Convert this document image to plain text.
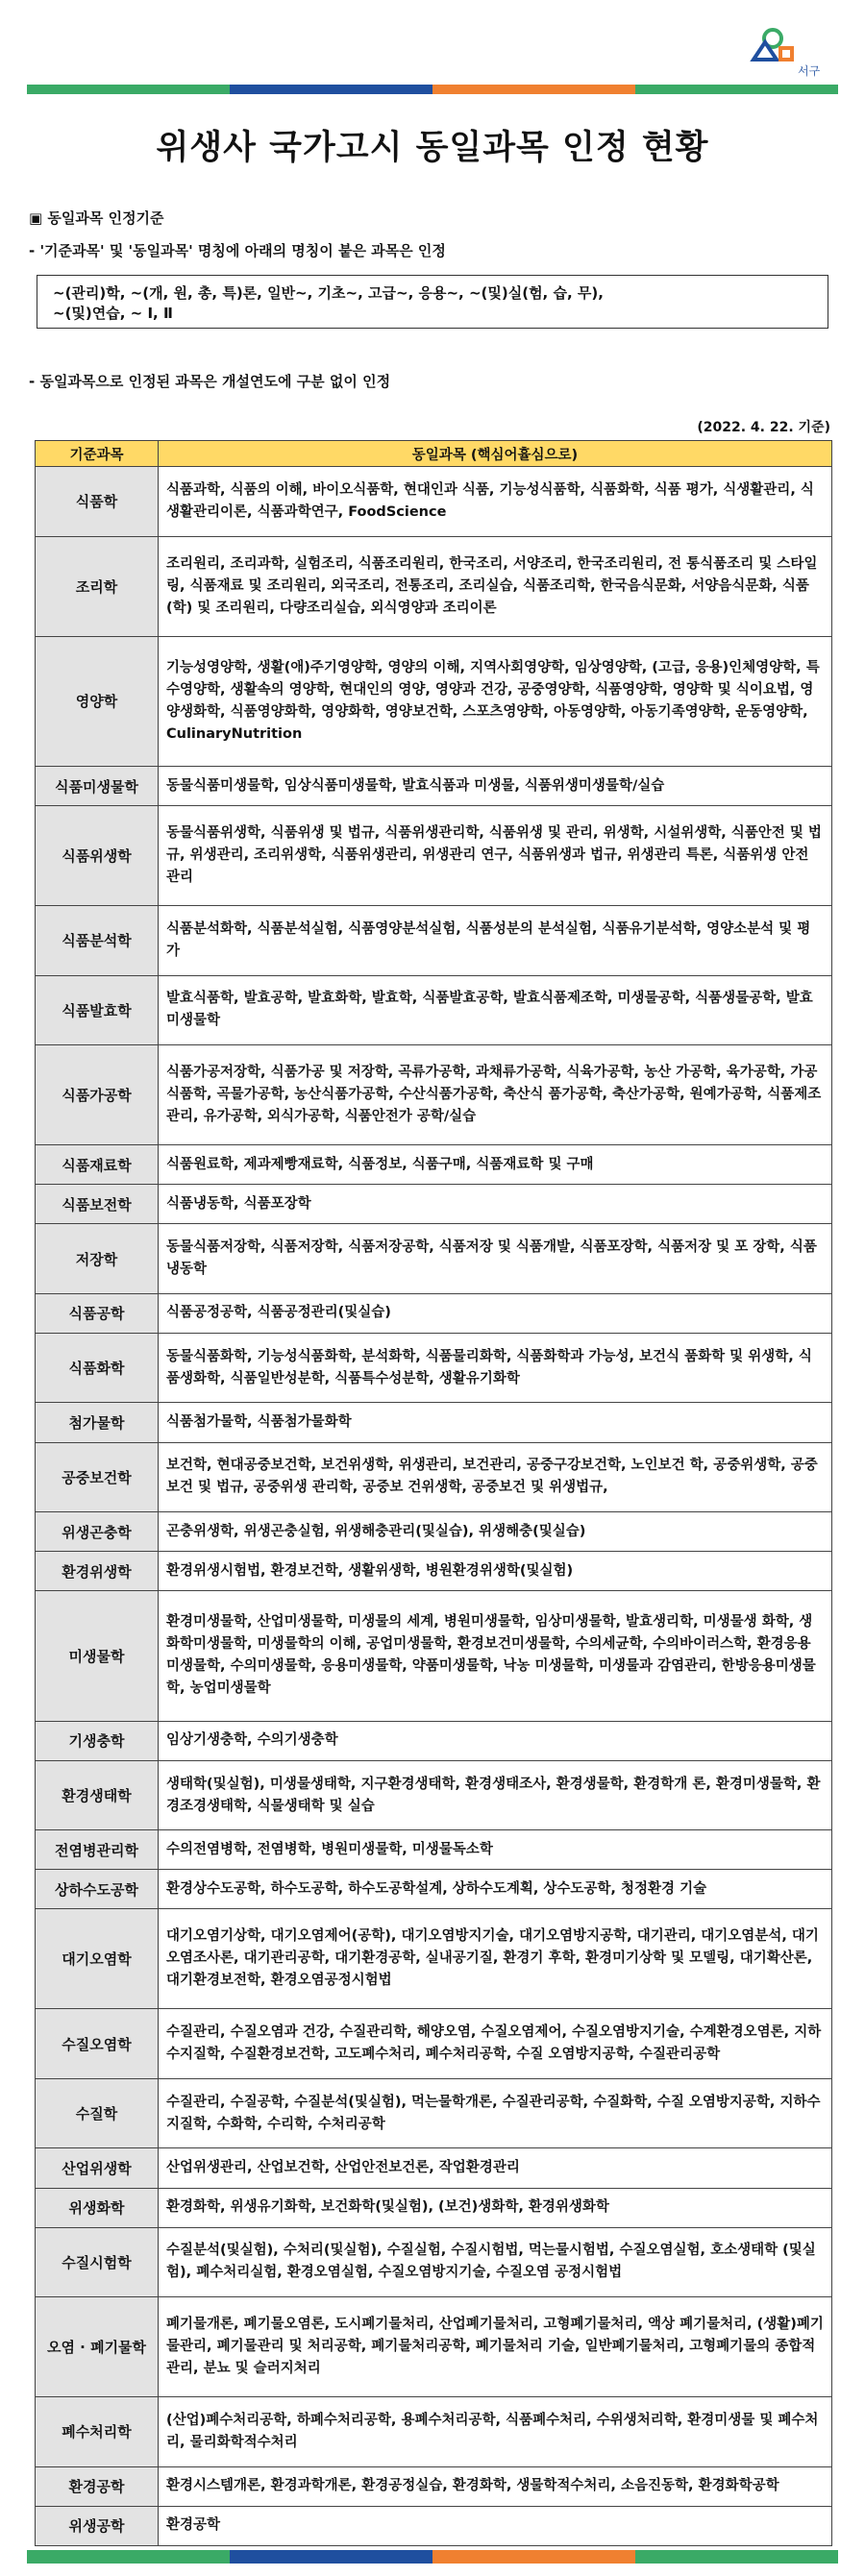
서구
위생사 국가고시 동일과목 인정 현황
▣ 동일과목 인정기준
- '기준과목' 및 '동일과목' 명칭에 아래의 명칭이 붙은 과목은 인정
~(관리)학, ~(개, 원, 총, 특)론, 일반~, 기초~, 고급~, 응용~, ~(및)실(험, 습, 무),
~(및)연습, ~ Ⅰ, Ⅱ
- 동일과목으로 인정된 과목은 개설연도에 구분 없이 인정
(2022. 4. 22. 기준)
기준과목	동일과목 (핵심어휼심으로)
식품학	식품과학, 식품의 이해, 바이오식품학, 현대인과 식품, 기능성식품학, 식품화학, 식품 평가, 식생활관리, 식생활관리이론, 식품과학연구, FoodScience
조리학	조리원리, 조리과학, 실험조리, 식품조리원리, 한국조리, 서양조리, 한국조리원리, 전 통식품조리 및 스타일링, 식품재료 및 조리원리, 외국조리, 전통조리, 조리실습, 식품조리학, 한국음식문화, 서양음식문화, 식품(학) 및 조리원리, 다량조리실습, 외식영양과 조리이론
영양학	기능성영양학, 생활(애)주기영양학, 영양의 이해, 지역사회영양학, 임상영양학, (고급, 응용)인체영양학, 특수영양학, 생활속의 영양학, 현대인의 영양, 영양과 건강, 공중영양학, 식품영양학, 영양학 및 식이요법, 영양생화학, 식품영양화학, 영양화학, 영양보건학, 스포츠영양학, 아동영양학, 아동기족영양학, 운동영양학, CulinaryNutrition
식품미생물학	동물식품미생물학, 임상식품미생물학, 발효식품과 미생물, 식품위생미생물학/실습
식품위생학	동물식품위생학, 식품위생 및 법규, 식품위생관리학, 식품위생 및 관리, 위생학, 시설위생학, 식품안전 및 법규, 위생관리, 조리위생학, 식품위생관리, 위생관리 연구, 식품위생과 법규, 위생관리 특론, 식품위생 안전 관리
식품분석학	식품분석화학, 식품분석실험, 식품영양분석실험, 식품성분의 분석실험, 식품유기분석학, 영양소분석 및 평가
식품발효학	발효식품학, 발효공학, 발효화학, 발효학, 식품발효공학, 발효식품제조학, 미생물공학, 식품생물공학, 발효미생물학
식품가공학	식품가공저장학, 식품가공 및 저장학, 곡류가공학, 과채류가공학, 식육가공학, 농산 가공학, 육가공학, 가공식품학, 곡물가공학, 농산식품가공학, 수산식품가공학, 축산식 품가공학, 축산가공학, 원예가공학, 식품제조관리, 유가공학, 외식가공학, 식품안전가 공학/실습
식품재료학	식품원료학, 제과제빵재료학, 식품정보, 식품구매, 식품재료학 및 구매
식품보전학	식품냉동학, 식품포장학
저장학	동물식품저장학, 식품저장학, 식품저장공학, 식품저장 및 식품개발, 식품포장학, 식품저장 및 포 장학, 식품냉동학
식품공학	식품공정공학, 식품공정관리(및실습)
식품화학	동물식품화학, 기능성식품화학, 분석화학, 식품물리화학, 식품화학과 가능성, 보건식 품화학 및 위생학, 식품생화학, 식품일반성분학, 식품특수성분학, 생활유기화학
첨가물학	식품첨가물학, 식품첨가물화학
공중보건학	보건학, 현대공중보건학, 보건위생학, 위생관리, 보건관리, 공중구강보건학, 노인보건 학, 공중위생학, 공중보건 및 법규, 공중위생 관리학, 공중보 건위생학, 공중보건 및 위생법규,
위생곤충학	곤충위생학, 위생곤충실험, 위생해충관리(및실습), 위생해충(및실습)
환경위생학	환경위생시험법, 환경보건학, 생활위생학, 병원환경위생학(및실험)
미생물학	환경미생물학, 산업미생물학, 미생물의 세계, 병원미생물학, 임상미생물학, 발효생리학, 미생물생 화학, 생화학미생물학, 미생물학의 이해, 공업미생물학, 환경보건미생물학, 수의세균학, 수의바이러스학, 환경응용미생물학, 수의미생물학, 응용미생물학, 약품미생물학, 낙농 미생물학, 미생물과 감염관리, 한방응용미생물학, 농업미생물학
기생충학	임상기생충학, 수의기생충학
환경생태학	생태학(및실험), 미생물생태학, 지구환경생태학, 환경생태조사, 환경생물학, 환경학개 론, 환경미생물학, 환경조경생태학, 식물생태학 및 실습
전염병관리학	수의전염병학, 전염병학, 병원미생물학, 미생물독소학
상하수도공학	환경상수도공학, 하수도공학, 하수도공학설계, 상하수도계획, 상수도공학, 청정환경 기술
대기오염학	대기오염기상학, 대기오염제어(공학), 대기오염방지기술, 대기오염방지공학, 대기관리, 대기오염분석, 대기오염조사론, 대기관리공학, 대기환경공학, 실내공기질, 환경기 후학, 환경미기상학 및 모델링, 대기확산론, 대기환경보전학, 환경오염공정시험법
수질오염학	수질관리, 수질오염과 건강, 수질관리학, 해양오염, 수질오염제어, 수질오염방지기술, 수계환경오염론, 지하수지질학, 수질환경보건학, 고도폐수처리, 폐수처리공학, 수질 오염방지공학, 수질관리공학
수질학	수질관리, 수질공학, 수질분석(및실험), 먹는물학개론, 수질관리공학, 수질화학, 수질 오염방지공학, 지하수지질학, 수화학, 수리학, 수처리공학
산업위생학	산업위생관리, 산업보건학, 산업안전보건론, 작업환경관리
위생화학	환경화학, 위생유기화학, 보건화학(및실험), (보건)생화학, 환경위생화학
수질시험학	수질분석(및실험), 수처리(및실험), 수질실험, 수질시험법, 먹는물시험법, 수질오염실험, 호소생태학 (및실험), 폐수처리실험, 환경오염실험, 수질오염방지기술, 수질오염 공정시험법
오염 · 폐기물학	폐기물개론, 폐기물오염론, 도시폐기물처리, 산업폐기물처리, 고형폐기물처리, 액상 폐기물처리, (생활)폐기물관리, 폐기물관리 및 처리공학, 폐기물처리공학, 폐기물처리 기술, 일반폐기물처리, 고형폐기물의 종합적관리, 분뇨 및 슬러지처리
폐수처리학	(산업)폐수처리공학, 하폐수처리공학, 용폐수처리공학, 식품폐수처리, 수위생처리학, 환경미생물 및 폐수처리, 물리화학적수처리
환경공학	환경시스템개론, 환경과학개론, 환경공정실습, 환경화학, 생물학적수처리, 소음진동학, 환경화학공학
위생공학	환경공학
